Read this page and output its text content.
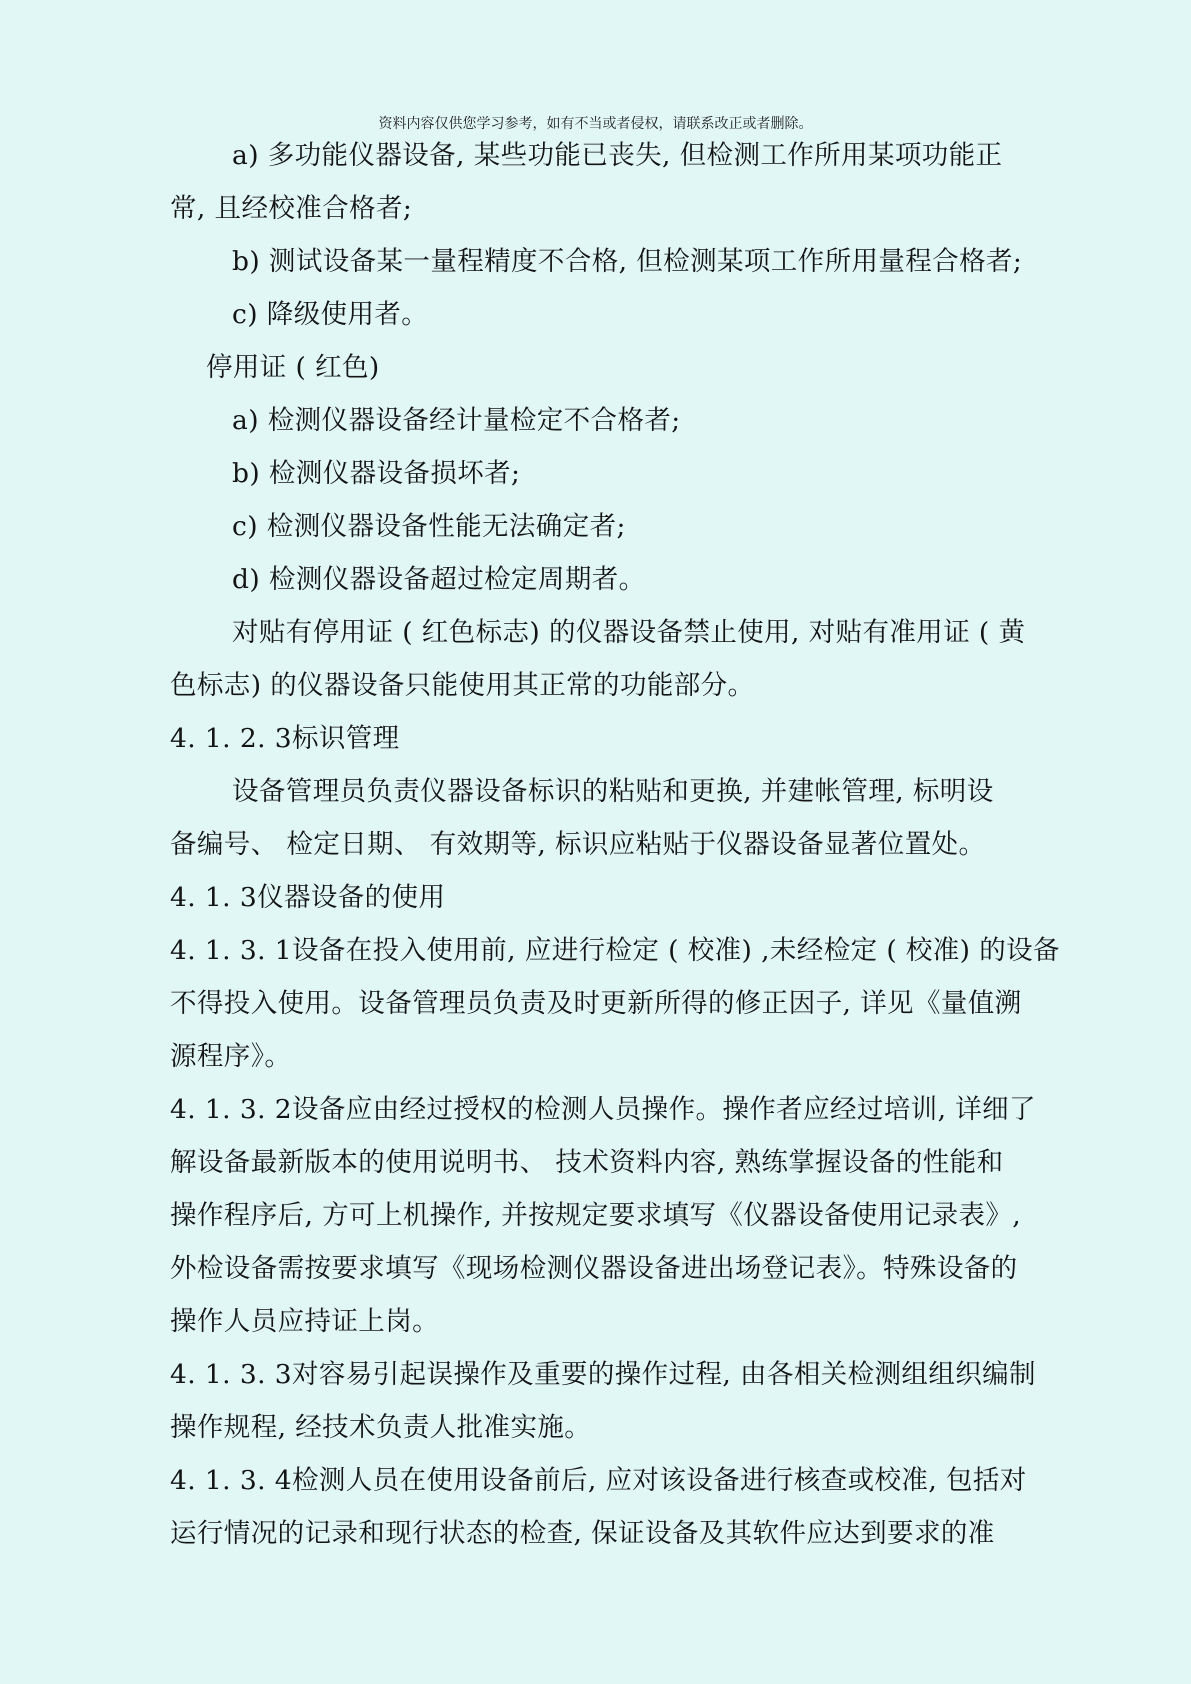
资料内容仅供您学习参考，如有不当或者侵权，请联系改正或者删除。
a) 多功能仪器设备, 某些功能已丧失, 但检测工作所用某项功能正
常, 且经校准合格者;
b) 测试设备某一量程精度不合格, 但检测某项工作所用量程合格者;
c) 降级使用者。
停用证 ( 红色)
a) 检测仪器设备经计量检定不合格者;
b) 检测仪器设备损坏者;
c) 检测仪器设备性能无法确定者;
d) 检测仪器设备超过检定周期者。
对贴有停用证 ( 红色标志) 的仪器设备禁止使用, 对贴有准用证 ( 黄
色标志) 的仪器设备只能使用其正常的功能部分。
4. 1. 2. 3标识管理
设备管理员负责仪器设备标识的粘贴和更换, 并建帐管理, 标明设
备编号、 检定日期、 有效期等, 标识应粘贴于仪器设备显著位置处。
4. 1. 3仪器设备的使用
4. 1. 3. 1设备在投入使用前, 应进行检定 ( 校准) ,未经检定 ( 校准) 的设备
不得投入使用。设备管理员负责及时更新所得的修正因子, 详见《量值溯
源程序》。
4. 1. 3. 2设备应由经过授权的检测人员操作。操作者应经过培训, 详细了
解设备最新版本的使用说明书、 技术资料内容, 熟练掌握设备的性能和
操作程序后, 方可上机操作, 并按规定要求填写《仪器设备使用记录表》,
外检设备需按要求填写《现场检测仪器设备进出场登记表》。特殊设备的
操作人员应持证上岗。
4. 1. 3. 3对容易引起误操作及重要的操作过程, 由各相关检测组组织编制
操作规程, 经技术负责人批准实施。
4. 1. 3. 4检测人员在使用设备前后, 应对该设备进行核查或校准, 包括对
运行情况的记录和现行状态的检查, 保证设备及其软件应达到要求的准
